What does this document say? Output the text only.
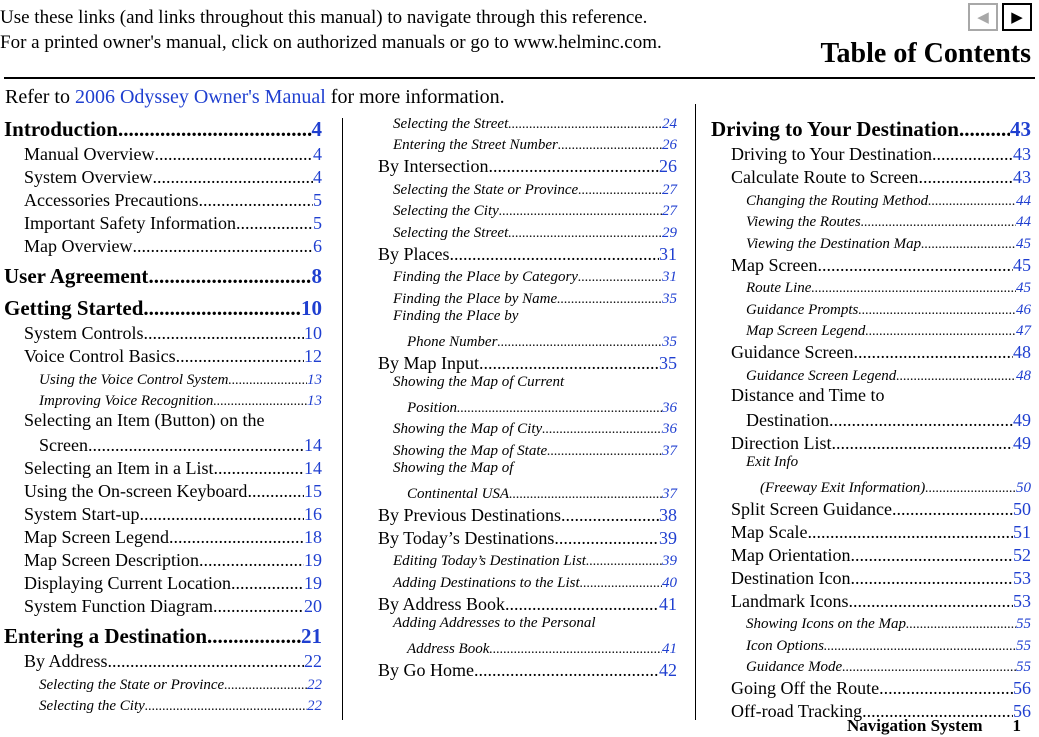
Use these links (and links throughout this manual) to navigate through this reference.
For a printed owner's manual, click on authorized manuals or go to www.helminc.com.
◀ ▶
Table of Contents
Refer to 2006 Odyssey Owner's Manual for more information.
Introduction .....	4
Manual Overview .....	4
System Overview .....	4
Accessories Precautions .....	5
Important Safety Information .....	5
Map Overview .....	6
User Agreement .....	8
Getting Started .....	10
System Controls .....	10
Voice Control Basics .....	12
Using the Voice Control System .....	13
Improving Voice Recognition .....	13
Selecting an Item (Button) on the
Screen .....	14
Selecting an Item in a List .....	14
Using the On-screen Keyboard .....	15
System Start-up .....	16
Map Screen Legend .....	18
Map Screen Description .....	19
Displaying Current Location .....	19
System Function Diagram .....	20
Entering a Destination .....	21
By Address .....	22
Selecting the State or Province .....	22
Selecting the City .....	22
Selecting the Street .....	24
Entering the Street Number .....	26
By Intersection .....	26
Selecting the State or Province .....	27
Selecting the City .....	27
Selecting the Street .....	29
By Places .....	31
Finding the Place by Category .....	31
Finding the Place by Name .....	35
Finding the Place by
Phone Number .....	35
By Map Input .....	35
Showing the Map of Current
Position .....	36
Showing the Map of City .....	36
Showing the Map of State .....	37
Showing the Map of
Continental USA .....	37
By Previous Destinations .....	38
By Today’s Destinations .....	39
Editing Today’s Destination List .....	39
Adding Destinations to the List .....	40
By Address Book .....	41
Adding Addresses to the Personal
Address Book .....	41
By Go Home .....	42
Driving to Your Destination ..... 43
Driving to Your Destination .....	43
Calculate Route to Screen .....	43
Changing the Routing Method .....	44
Viewing the Routes .....	44
Viewing the Destination Map .....	45
Map Screen .....	45
Route Line .....	45
Guidance Prompts .....	46
Map Screen Legend .....	47
Guidance Screen .....	48
Guidance Screen Legend .....	48
Distance and Time to
Destination .....	49
Direction List .....	49
Exit Info
(Freeway Exit Information) .....	50
Split Screen Guidance .....	50
Map Scale .....	51
Map Orientation .....	52
Destination Icon .....	53
Landmark Icons .....	53
Showing Icons on the Map .....	55
Icon Options .....	55
Guidance Mode .....	55
Going Off the Route .....	56
Off-road Tracking .....	56
Navigation System 1
